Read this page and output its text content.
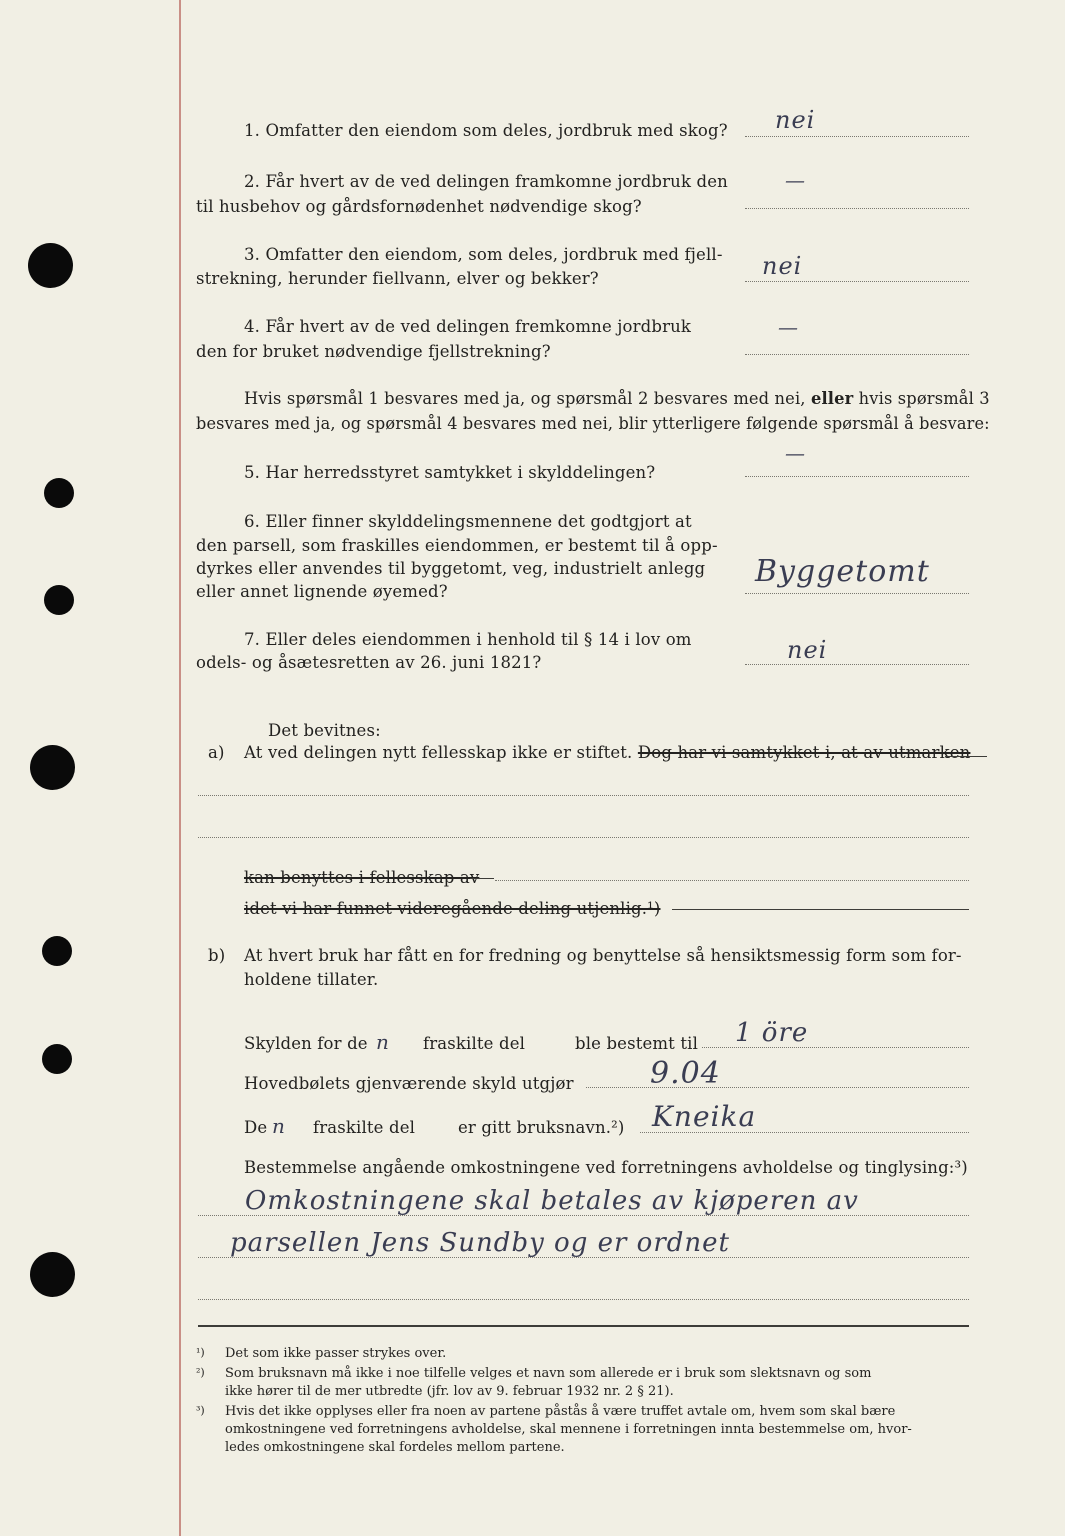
1. Omfatter den eiendom som deles, jordbruk med skog? nei
2. Får hvert av de ved delingen framkomne jordbruk den
til husbehov og gårdsfornødenhet nødvendige skog?
—
3. Omfatter den eiendom, som deles, jordbruk med fjell-
strekning, herunder fiellvann, elver og bekker?	nei
4. Får hvert av de ved delingen fremkomne jordbruk
den for bruket nødvendige fjellstrekning?
—
Hvis spørsmål 1 besvares med ja, og spørsmål 2 besvares med nei, eller hvis spørsmål 3
besvares med ja, og spørsmål 4 besvares med nei, blir ytterligere følgende spørsmål å besvare:
5. Har herredsstyret samtykket i skylddelingen?
—
6. Eller finner skylddelingsmennene det godtgjort at
den parsell, som fraskilles eiendommen, er bestemt til å opp-
dyrkes eller anvendes til byggetomt, veg, industrielt anlegg
eller annet lignende øyemed?
Byggetomt
7. Eller deles eiendommen i henhold til § 14 i lov om
odels- og åsætesretten av 26. juni 1821?	nei
Det bevitnes:
a) At ved delingen nytt fellesskap ikke er stiftet. Dog har vi samtykket i, at av utmarken
kan benyttes i fellesskap av
idet vi har funnet videregående deling utjenlig.¹)
b) At hvert bruk har fått en for fredning og benyttelse så hensiktsmessig form som for-
holdene tillater.
Skylden for de n fraskilte del	ble bestemt til 1 öre
Hovedbølets gjenværende skyld utgjør	9.04
De n fraskilte del	er gitt bruksnavn.²) Kneika
Bestemmelse angående omkostningene ved forretningens avholdelse og tinglysing:³)
Omkostningene skal betales av kjøperen av
parsellen Jens Sundby og er ordnet
¹) Det som ikke passer strykes over.
²) Som bruksnavn må ikke i noe tilfelle velges et navn som allerede er i bruk som slektsnavn og som
ikke hører til de mer utbredte (jfr. lov av 9. februar 1932 nr. 2 § 21).
³) Hvis det ikke opplyses eller fra noen av partene påstås å være truffet avtale om, hvem som skal bære
omkostningene ved forretningens avholdelse, skal mennene i forretningen innta bestemmelse om, hvor-
ledes omkostningene skal fordeles mellom partene.
